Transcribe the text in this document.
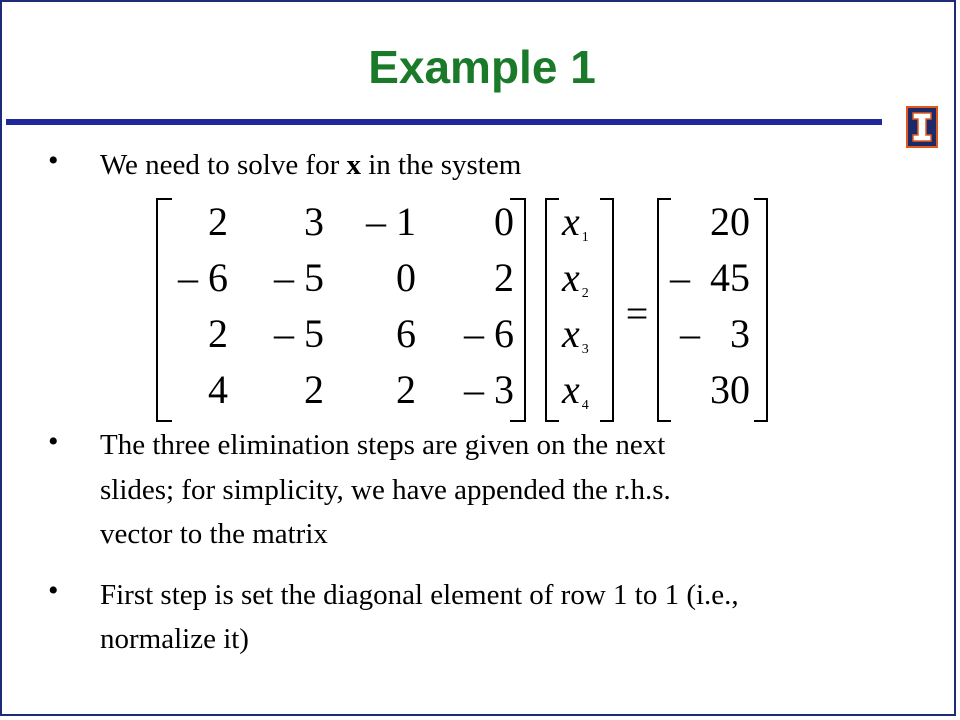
Example 1
• We need to solve for x in the system
2	3	– 1	0
– 6	– 5	0	2
2	– 5	6	– 6
4	2	2	– 3
x $_1$
x $_2$
x $_3$
x $_4$
=
20
–  45
–   3
30
• The three elimination steps are given on the next
slides; for simplicity, we have appended the r.h.s.
vector to the matrix
• First step is set the diagonal element of row 1 to 1 (i.e.,
normalize it)
